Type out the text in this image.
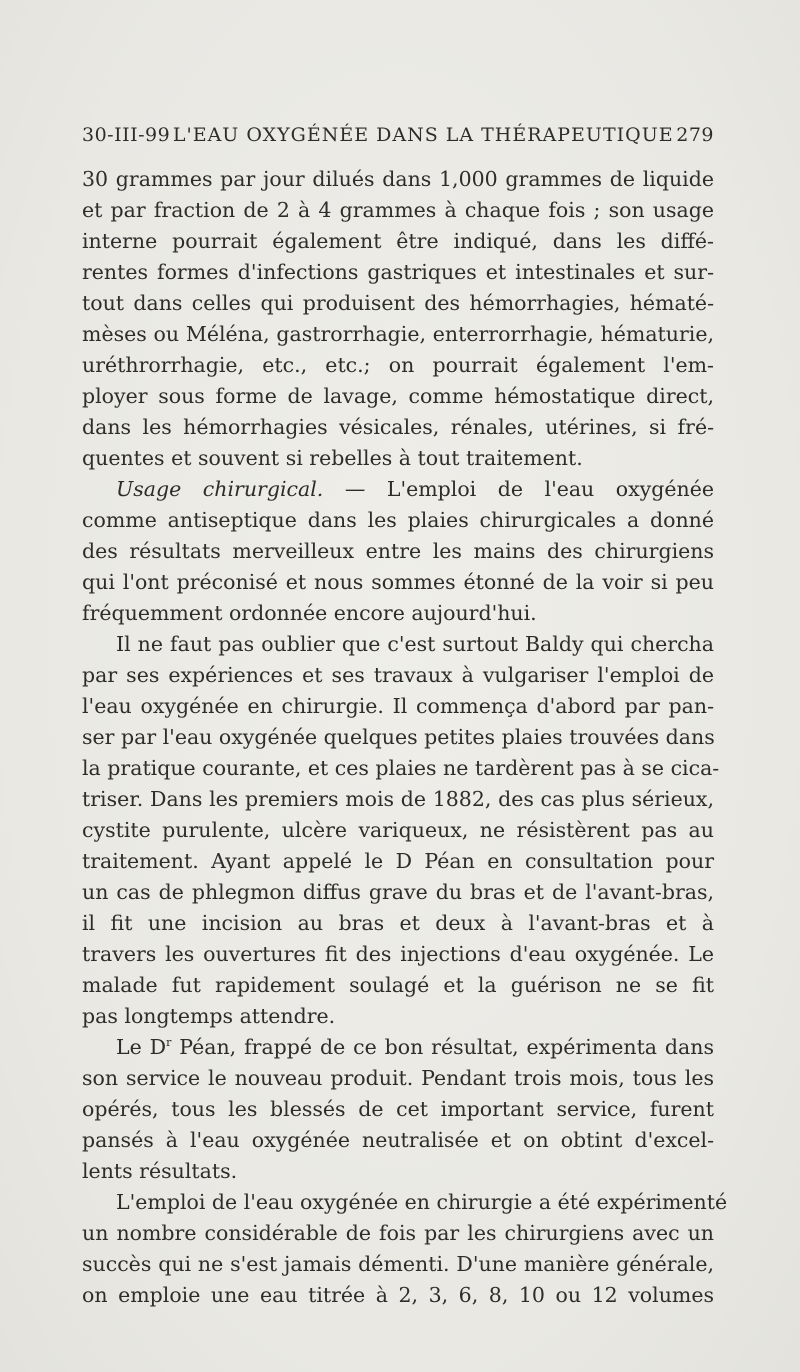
30-III-99 L'EAU OXYGÉNÉE DANS LA THÉRAPEUTIQUE 279
30 grammes par jour dilués dans 1,000 grammes de liquide
et par fraction de 2 à 4 grammes à chaque fois ; son usage
interne pourrait également être indiqué, dans les diffé-
rentes formes d'infections gastriques et intestinales et sur-
tout dans celles qui produisent des hémorrhagies, hématé-
mèses ou Méléna, gastrorrhagie, enterrorrhagie, hématurie,
uréthrorrhagie, etc., etc.; on pourrait également l'em-
ployer sous forme de lavage, comme hémostatique direct,
dans les hémorrhagies vésicales, rénales, utérines, si fré-
quentes et souvent si rebelles à tout traitement.
Usage chirurgical. — L'emploi de l'eau oxygénée
comme antiseptique dans les plaies chirurgicales a donné
des résultats merveilleux entre les mains des chirurgiens
qui l'ont préconisé et nous sommes étonné de la voir si peu
fréquemment ordonnée encore aujourd'hui.
Il ne faut pas oublier que c'est surtout Baldy qui chercha
par ses expériences et ses travaux à vulgariser l'emploi de
l'eau oxygénée en chirurgie. Il commença d'abord par pan-
ser par l'eau oxygénée quelques petites plaies trouvées dans
la pratique courante, et ces plaies ne tardèrent pas à se cica-
triser. Dans les premiers mois de 1882, des cas plus sérieux,
cystite purulente, ulcère variqueux, ne résistèrent pas au
traitement. Ayant appelé le D Péan en consultation pour
un cas de phlegmon diffus grave du bras et de l'avant-bras,
il fit une incision au bras et deux à l'avant-bras et à
travers les ouvertures fit des injections d'eau oxygénée. Le
malade fut rapidement soulagé et la guérison ne se fit
pas longtemps attendre.
Le $D^r$ Péan, frappé de ce bon résultat, expérimenta dans
son service le nouveau produit. Pendant trois mois, tous les
opérés, tous les blessés de cet important service, furent
pansés à l'eau oxygénée neutralisée et on obtint d'excel-
lents résultats.
L'emploi de l'eau oxygénée en chirurgie a été expérimenté
un nombre considérable de fois par les chirurgiens avec un
succès qui ne s'est jamais démenti. D'une manière générale,
on emploie une eau titrée à 2, 3, 6, 8, 10 ou 12 volumes
